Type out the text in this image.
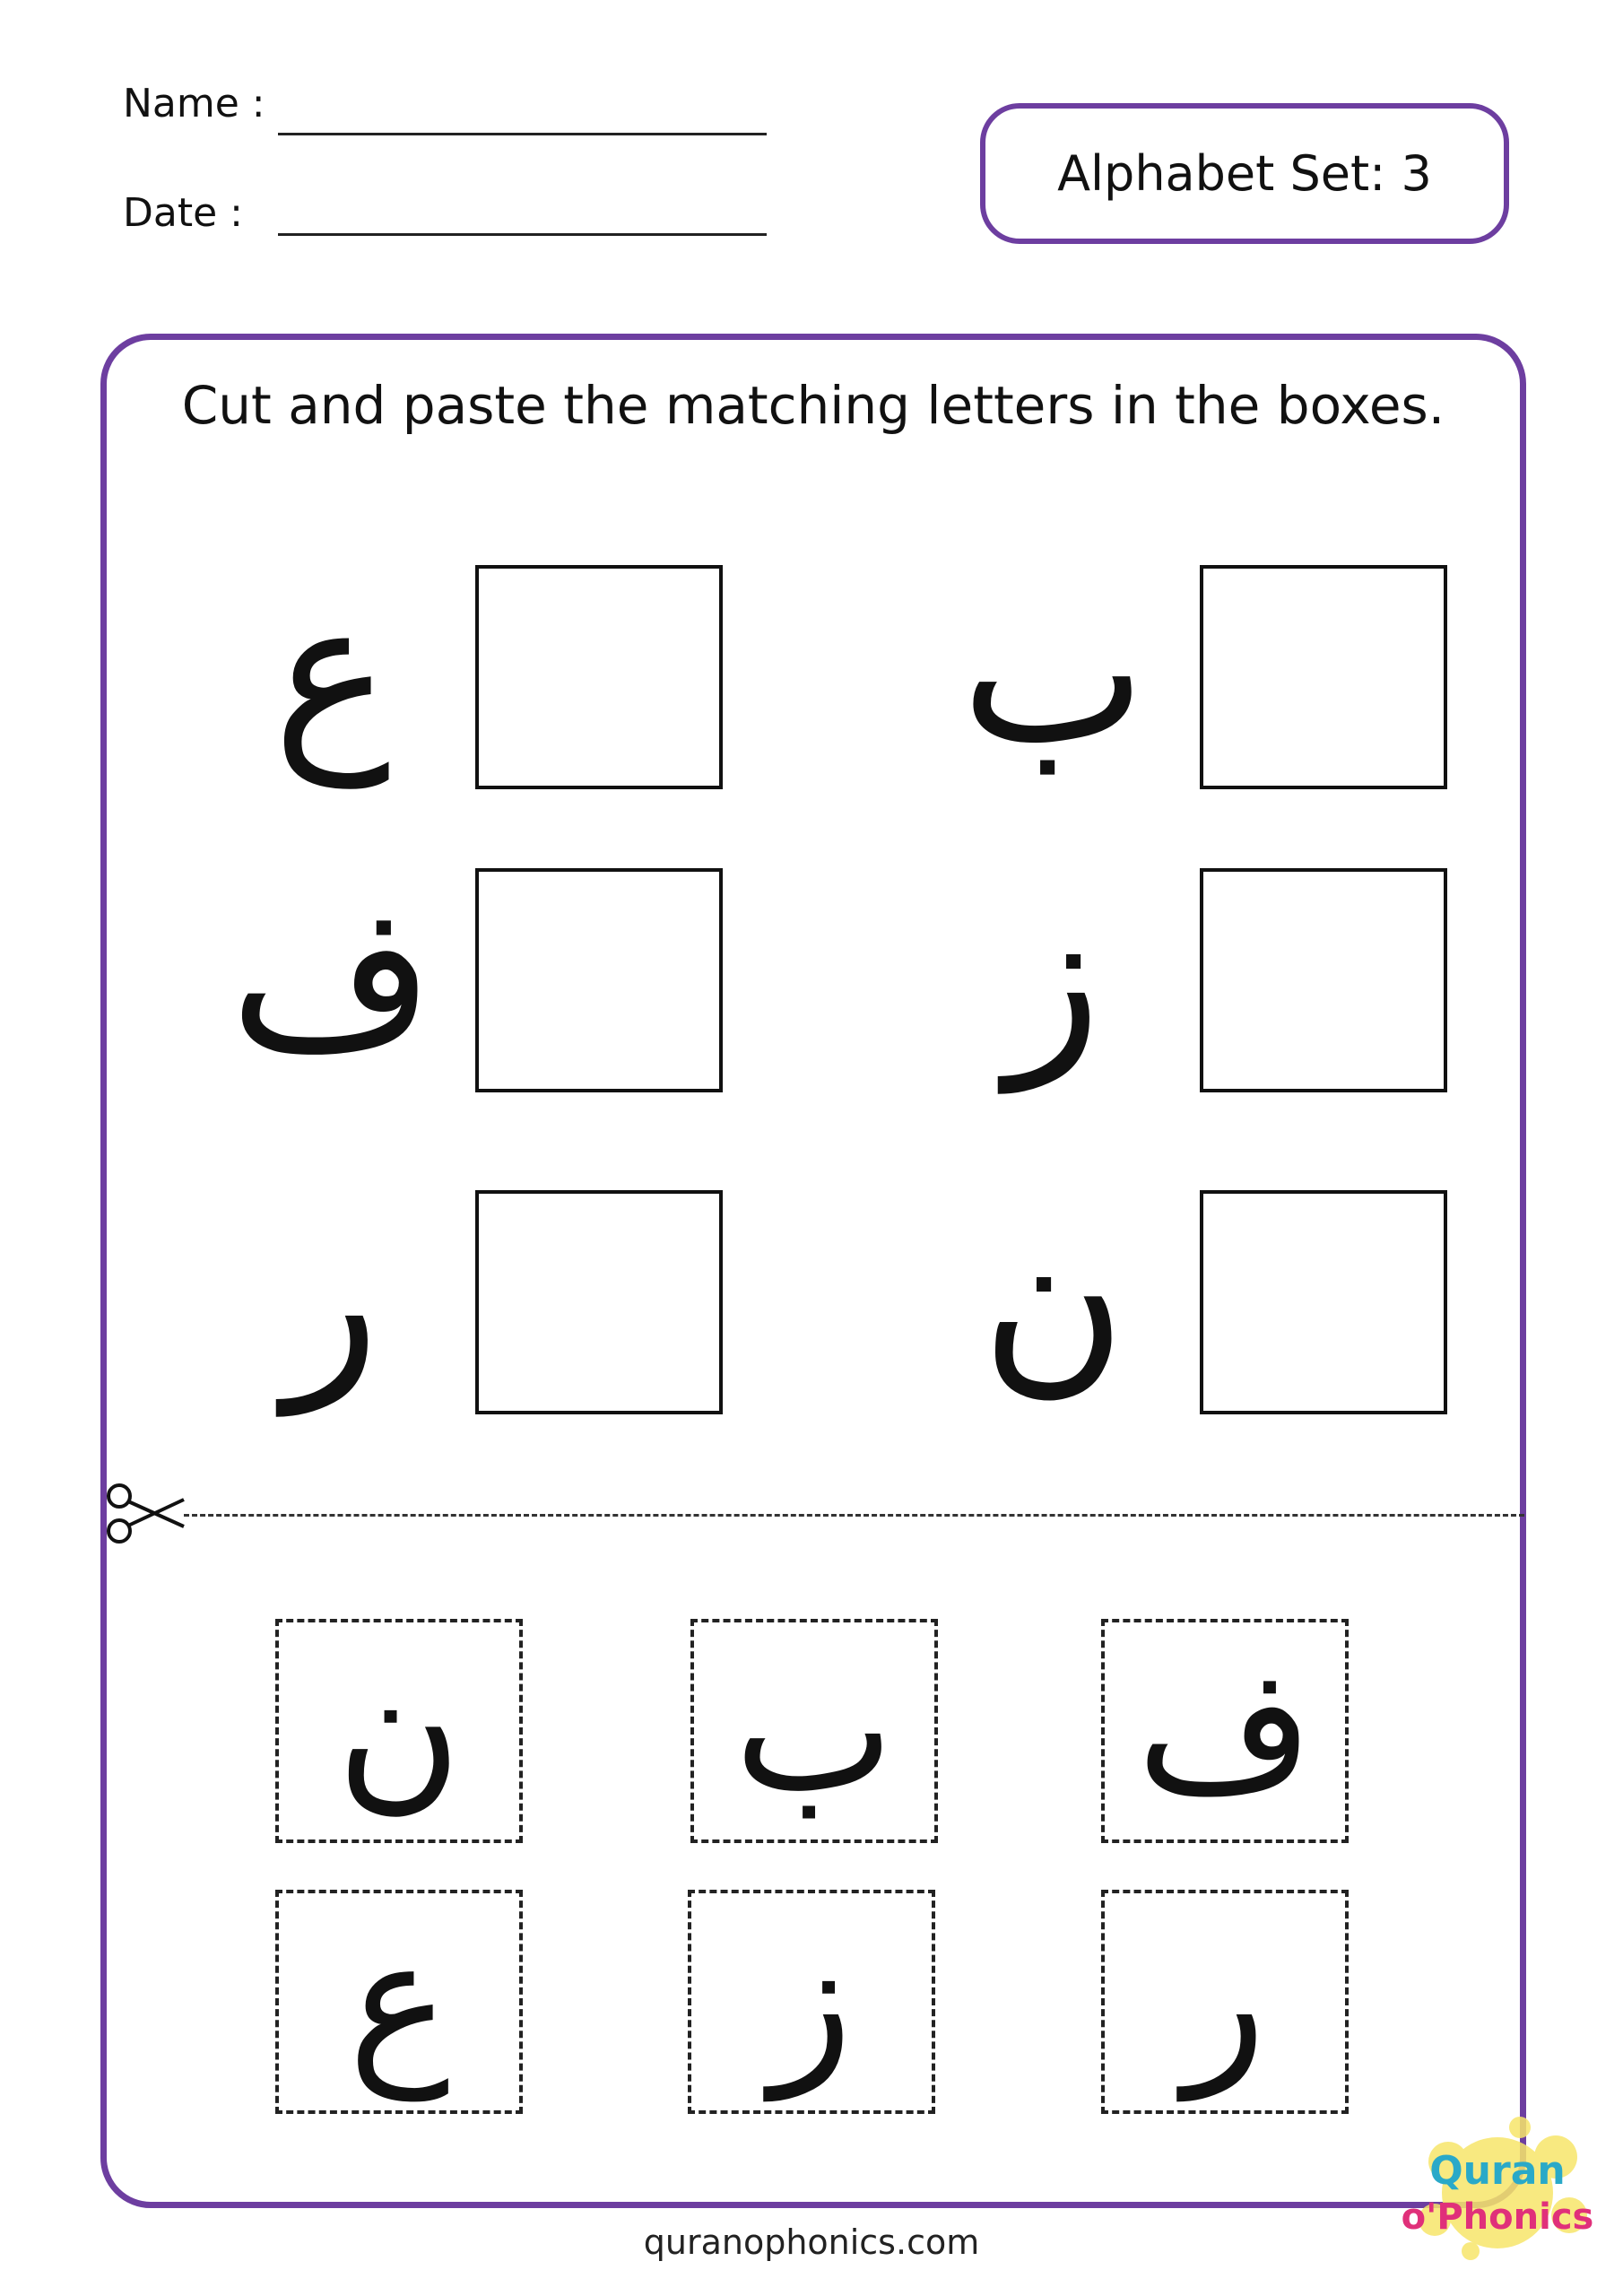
Name :
Date :
Alphabet Set: 3
Cut and paste the matching letters in the boxes.
ع	ب
ف	ز
ر	ن
ن ب ف
ع ز ر
quranophonics.com
Quran
o'Phonics
